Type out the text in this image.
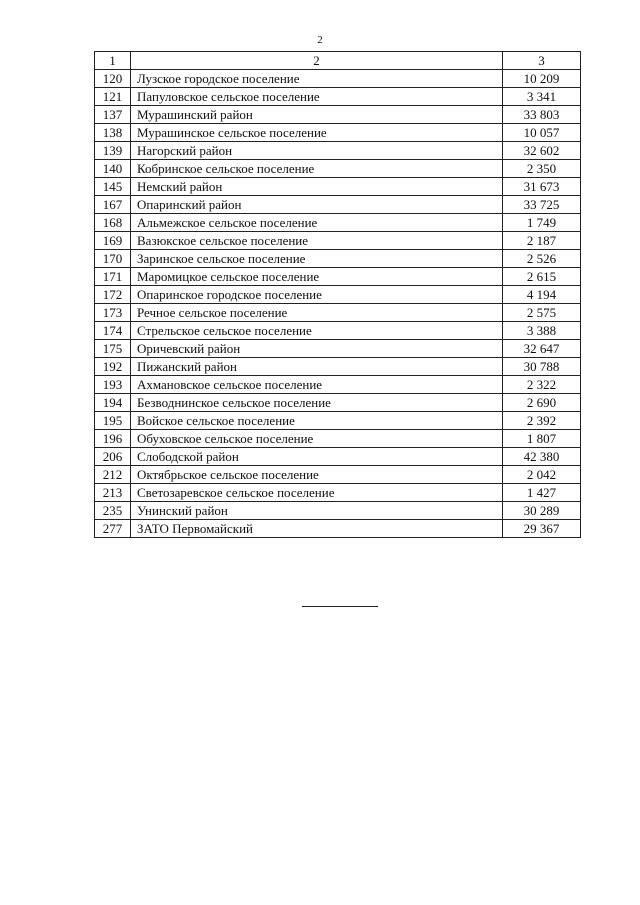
2
1	2	3
120	Лузское городское поселение	10 209
121	Папуловское сельское поселение	3 341
137	Мурашинский район	33 803
138	Мурашинское сельское поселение	10 057
139	Нагорский район	32 602
140	Кобринское сельское поселение	2 350
145	Немский район	31 673
167	Опаринский район	33 725
168	Альмежское сельское поселение	1 749
169	Вазюкское сельское поселение	2 187
170	Заринское сельское поселение	2 526
171	Маромицкое сельское поселение	2 615
172	Опаринское городское поселение	4 194
173	Речное сельское поселение	2 575
174	Стрельское сельское поселение	3 388
175	Оричевский район	32 647
192	Пижанский район	30 788
193	Ахмановское сельское поселение	2 322
194	Безводнинское сельское поселение	2 690
195	Войское сельское поселение	2 392
196	Обуховское сельское поселение	1 807
206	Слободской район	42 380
212	Октябрьское сельское поселение	2 042
213	Светозаревское сельское поселение	1 427
235	Унинский район	30 289
277	ЗАТО Первомайский	29 367
